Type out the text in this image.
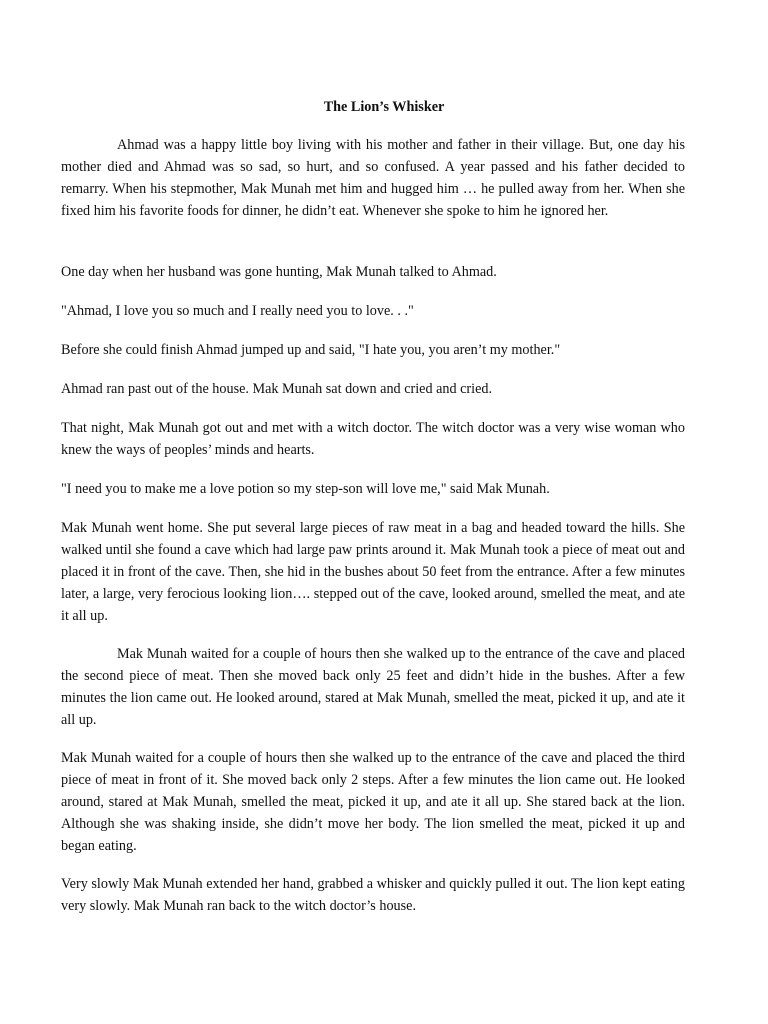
The Lion’s Whisker

Ahmad was a happy little boy living with his mother and father in their village. But, one day his mother died and Ahmad was so sad, so hurt, and so confused. A year passed and his father decided to remarry. When his stepmother, Mak Munah met him and hugged him … he pulled away from her. When she fixed him his favorite foods for dinner, he didn’t eat. Whenever she spoke to him he ignored her.

One day when her husband was gone hunting, Mak Munah talked to Ahmad.

"Ahmad, I love you so much and I really need you to love. . ."

Before she could finish Ahmad jumped up and said, "I hate you, you aren’t my mother."

Ahmad ran past out of the house. Mak Munah sat down and cried and cried.

That night, Mak Munah got out and met with a witch doctor. The witch doctor was a very wise woman who knew the ways of peoples’ minds and hearts.

"I need you to make me a love potion so my step-son will love me," said Mak Munah.

Mak Munah went home. She put several large pieces of raw meat in a bag and headed toward the hills. She walked until she found a cave which had large paw prints around it. Mak Munah took a piece of meat out and placed it in front of the cave. Then, she hid in the bushes about 50 feet from the entrance. After a few minutes later, a large, very ferocious looking lion…. stepped out of the cave, looked around, smelled the meat, and ate it all up.

Mak Munah waited for a couple of hours then she walked up to the entrance of the cave and placed the second piece of meat. Then she moved back only 25 feet and didn’t hide in the bushes. After a few minutes the lion came out. He looked around, stared at Mak Munah, smelled the meat, picked it up, and ate it all up.

Mak Munah waited for a couple of hours then she walked up to the entrance of the cave and placed the third piece of meat in front of it. She moved back only 2 steps. After a few minutes the lion came out. He looked around, stared at Mak Munah, smelled the meat, picked it up, and ate it all up. She stared back at the lion. Although she was shaking inside, she didn’t move her body. The lion smelled the meat, picked it up and began eating.

Very slowly Mak Munah extended her hand, grabbed a whisker and quickly pulled it out. The lion kept eating very slowly. Mak Munah ran back to the witch doctor’s house.
